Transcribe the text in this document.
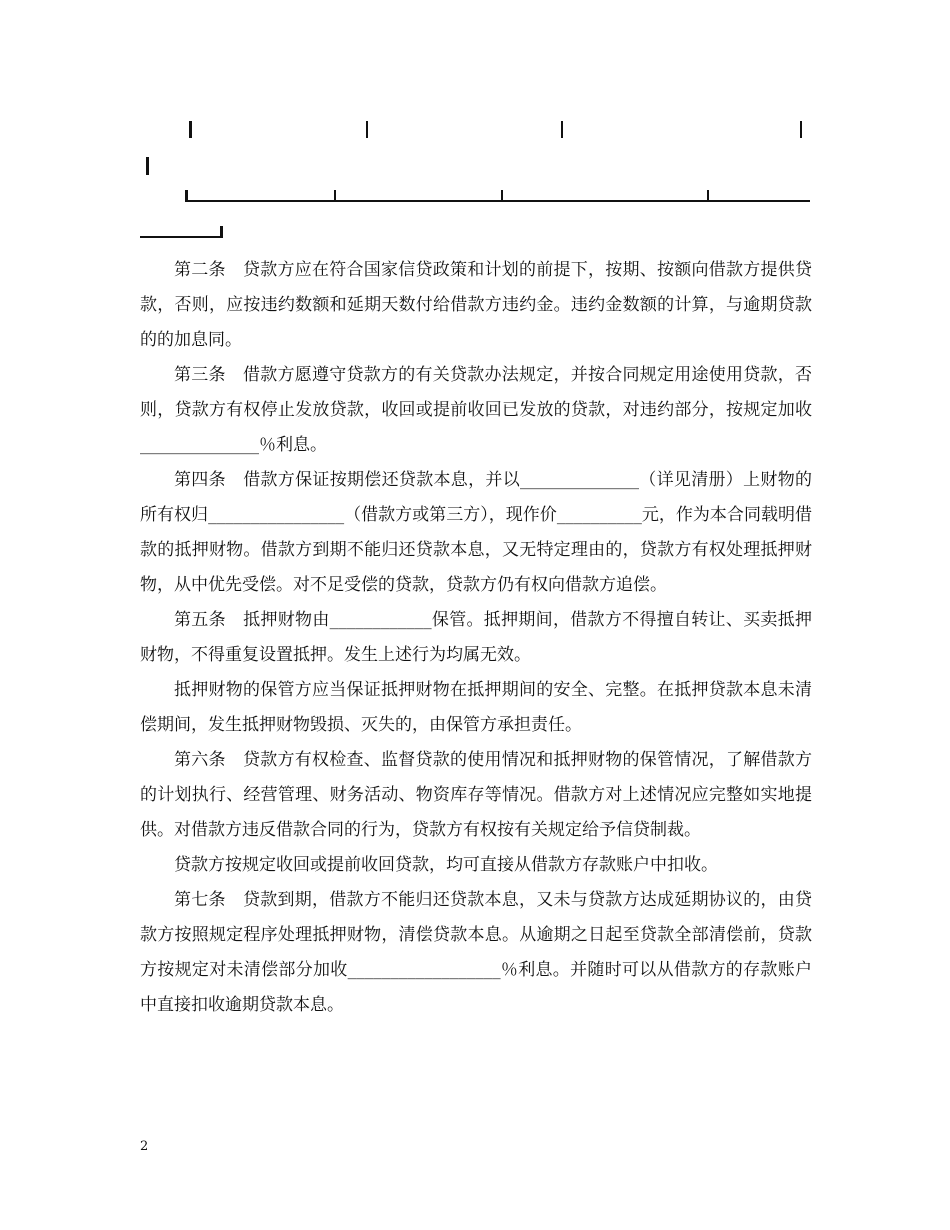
第二条　贷款方应在符合国家信贷政策和计划的前提下，按期、按额向借款方提供贷款，否则，应按违约数额和延期天数付给借款方违约金。违约金数额的计算，与逾期贷款的的加息同。

第三条　借款方愿遵守贷款方的有关贷款办法规定，并按合同规定用途使用贷款，否则，贷款方有权停止发放贷款，收回或提前收回已发放的贷款，对违约部分，按规定加收______________％利息。

第四条　借款方保证按期偿还贷款本息，并以______________（详见清册）上财物的所有权归________________（借款方或第三方），现作价__________元，作为本合同载明借款的抵押财物。借款方到期不能归还贷款本息，又无特定理由的，贷款方有权处理抵押财物，从中优先受偿。对不足受偿的贷款，贷款方仍有权向借款方追偿。

第五条　抵押财物由____________保管。抵押期间，借款方不得擅自转让、买卖抵押财物，不得重复设置抵押。发生上述行为均属无效。

抵押财物的保管方应当保证抵押财物在抵押期间的安全、完整。在抵押贷款本息未清偿期间，发生抵押财物毁损、灭失的，由保管方承担责任。

第六条　贷款方有权检查、监督贷款的使用情况和抵押财物的保管情况，了解借款方的计划执行、经营管理、财务活动、物资库存等情况。借款方对上述情况应完整如实地提供。对借款方违反借款合同的行为，贷款方有权按有关规定给予信贷制裁。

贷款方按规定收回或提前收回贷款，均可直接从借款方存款账户中扣收。

第七条　贷款到期，借款方不能归还贷款本息，又未与贷款方达成延期协议的，由贷款方按照规定程序处理抵押财物，清偿贷款本息。从逾期之日起至贷款全部清偿前，贷款方按规定对未清偿部分加收__________________％利息。并随时可以从借款方的存款账户中直接扣收逾期贷款本息。

2
